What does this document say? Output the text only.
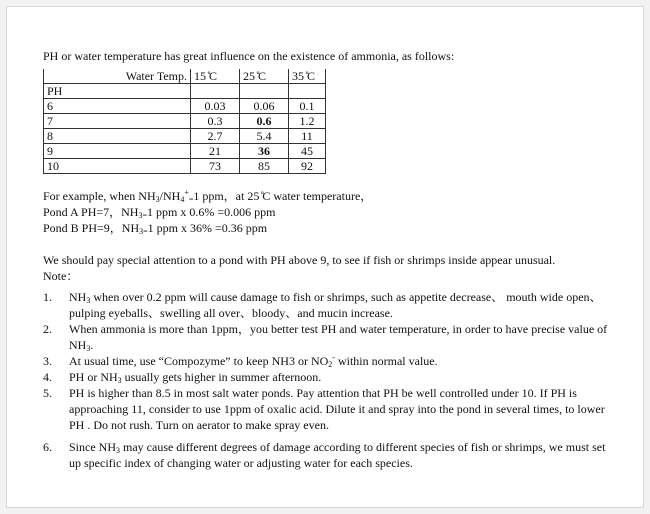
PH or water temperature has great influence on the existence of ammonia, as follows:
Water Temp.	15 ̊C	25 ̊C	35 ̊C
PH			
6	0.03	0.06	0.1
7	0.3	0.6	1.2
8	2.7	5.4	11
9	21	36	45
10	73	85	92
For example, when $NH_3/NH_4^+_=1$ ppm，at 25 ̊C water temperature，
Pond A PH=7，$NH_{3=}1$ ppm x 0.6% =0.006 ppm
Pond B PH=9，$NH_{3=}1$ ppm x 36% =0.36 ppm
We should pay special attention to a pond with PH above 9, to see if fish or shrimps inside appear unusual.
Note：
1. $NH_3$ when over 0.2 ppm will cause damage to fish or shrimps, such as appetite decrease、 mouth wide open、pulping eyeballs、swelling all over、bloody、and mucin increase.
2. When ammonia is more than 1ppm，you better test PH and water temperature, in order to have precise value of $NH_3$.
3. At usual time, use “Compozyme” to keep NH3 or $NO_2^-$ within normal value.
4. PH or $NH_3$ usually gets higher in summer afternoon.
5. PH is higher than 8.5 in most salt water ponds. Pay attention that PH be well controlled under 10. If PH is approaching 11, consider to use 1ppm of oxalic acid. Dilute it and spray into the pond in several times, to lower PH . Do not rush. Turn on aerator to make spray even.
6. Since $NH_3$ may cause different degrees of damage according to different species of fish or shrimps, we must set up specific index of changing water or adjusting water for each species.
